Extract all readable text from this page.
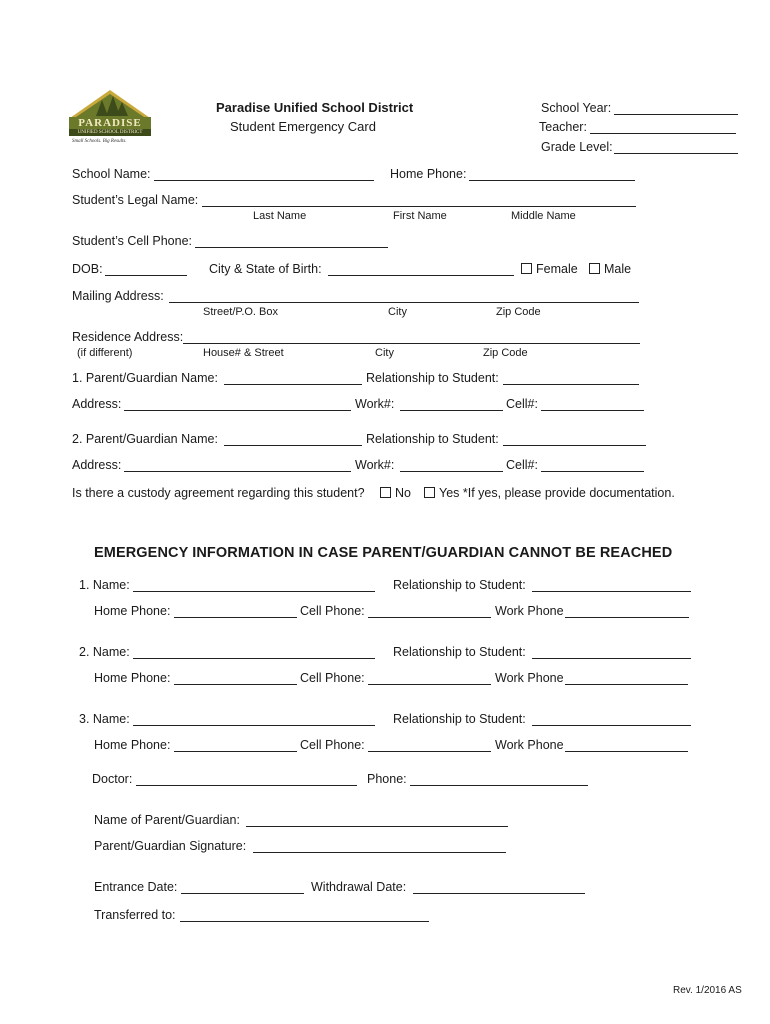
PARADISE
UNIFIED SCHOOL DISTRICT
Small Schools. Big Results.
Paradise Unified School District
Student Emergency Card
School Year:
Teacher:
Grade Level:
School Name:	Home Phone:
Student’s Legal Name:
Last Name	First Name	Middle Name
Student’s Cell Phone:
DOB:	City & State of Birth:	Female Male
Mailing Address:
Street/P.O. Box	City	Zip Code
Residence Address:
(if different)	House# & Street	City	Zip Code
1. Parent/Guardian Name:	Relationship to Student:
Address:	Work#:	Cell#:
2. Parent/Guardian Name:	Relationship to Student:
Address:	Work#:	Cell#:
Is there a custody agreement regarding this student? No Yes *If yes, please provide documentation.
EMERGENCY INFORMATION IN CASE PARENT/GUARDIAN CANNOT BE REACHED
1. Name:	Relationship to Student:
Home Phone:	Cell Phone:	Work Phone
2. Name:	Relationship to Student:
Home Phone:	Cell Phone:	Work Phone
3. Name:	Relationship to Student:
Home Phone:	Cell Phone:	Work Phone
Doctor:	Phone:
Name of Parent/Guardian:
Parent/Guardian Signature:
Entrance Date:	Withdrawal Date:
Transferred to:
Rev. 1/2016 AS
